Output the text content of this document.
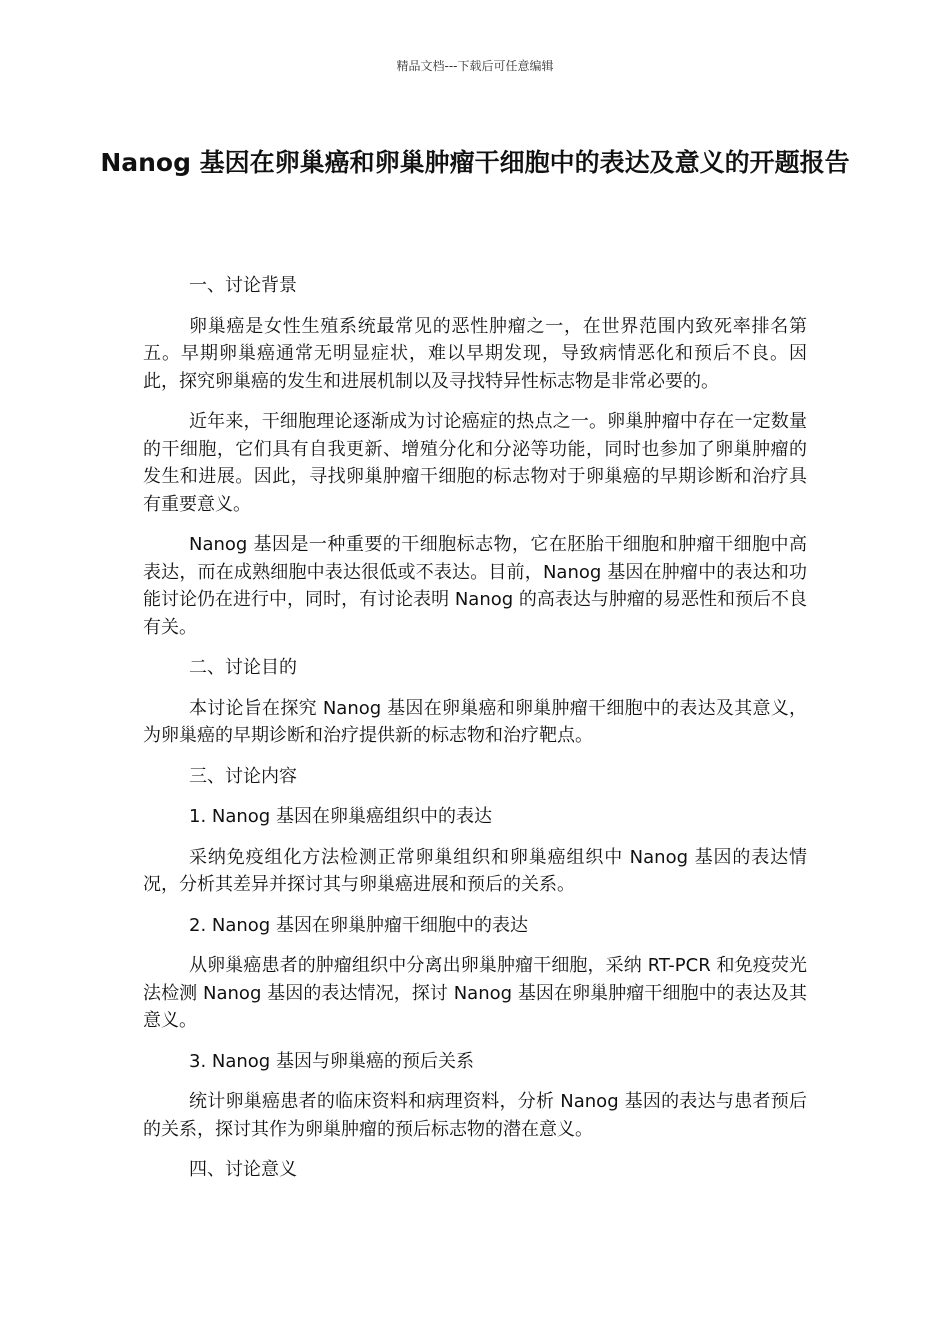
精品文档---下载后可任意编辑
Nanog 基因在卵巢癌和卵巢肿瘤干细胞中的表达及意义的开题报告
一、讨论背景
卵巢癌是女性生殖系统最常见的恶性肿瘤之一，在世界范围内致死率排名第五。早期卵巢癌通常无明显症状，难以早期发现，导致病情恶化和预后不良。因此，探究卵巢癌的发生和进展机制以及寻找特异性标志物是非常必要的。
近年来，干细胞理论逐渐成为讨论癌症的热点之一。卵巢肿瘤中存在一定数量的干细胞，它们具有自我更新、增殖分化和分泌等功能，同时也参加了卵巢肿瘤的发生和进展。因此，寻找卵巢肿瘤干细胞的标志物对于卵巢癌的早期诊断和治疗具有重要意义。
Nanog 基因是一种重要的干细胞标志物，它在胚胎干细胞和肿瘤干细胞中高表达，而在成熟细胞中表达很低或不表达。目前，Nanog 基因在肿瘤中的表达和功能讨论仍在进行中，同时，有讨论表明 Nanog 的高表达与肿瘤的易恶性和预后不良有关。
二、讨论目的
本讨论旨在探究 Nanog 基因在卵巢癌和卵巢肿瘤干细胞中的表达及其意义，为卵巢癌的早期诊断和治疗提供新的标志物和治疗靶点。
三、讨论内容
1. Nanog 基因在卵巢癌组织中的表达
采纳免疫组化方法检测正常卵巢组织和卵巢癌组织中 Nanog 基因的表达情况，分析其差异并探讨其与卵巢癌进展和预后的关系。
2. Nanog 基因在卵巢肿瘤干细胞中的表达
从卵巢癌患者的肿瘤组织中分离出卵巢肿瘤干细胞，采纳 RT-PCR 和免疫荧光法检测 Nanog 基因的表达情况，探讨 Nanog 基因在卵巢肿瘤干细胞中的表达及其意义。
3. Nanog 基因与卵巢癌的预后关系
统计卵巢癌患者的临床资料和病理资料，分析 Nanog 基因的表达与患者预后的关系，探讨其作为卵巢肿瘤的预后标志物的潜在意义。
四、讨论意义
